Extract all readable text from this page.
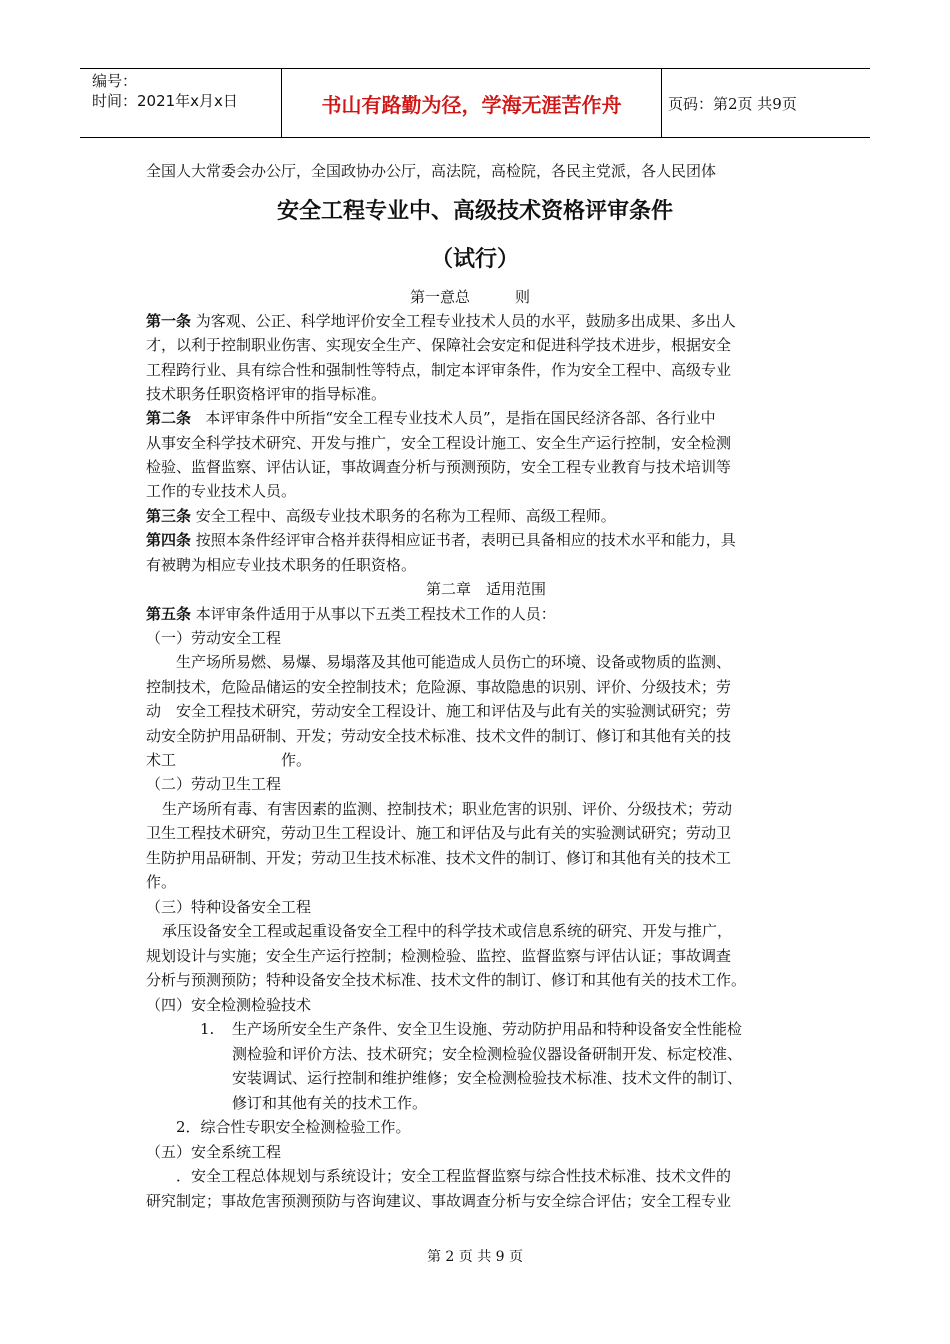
编号：
时间：2021年x月x日	书山有路勤为径，学海无涯苦作舟	页码：第2页 共9页
全国人大常委会办公厅，全国政协办公厅，高法院，高检院，各民主党派，各人民团体
安全工程专业中、高级技术资格评审条件
（试行）
第一意总　　　则
第一条 为客观、公正、科学地评价安全工程专业技术人员的水平，鼓励多出成果、多出人
才，以利于控制职业伤害、实现安全生产、保障社会安定和促进科学技术进步，根据安全
工程跨行业、具有综合性和强制性等特点，制定本评审条件，作为安全工程中、高级专业
技术职务任职资格评审的指导标准。
第二条 本评审条件中所指“安全工程专业技术人员”，是指在国民经济各部、各行业中
从事安全科学技术研究、开发与推广，安全工程设计施工、安全生产运行控制，安全检测
检验、监督监察、评估认证，事故调查分析与预测预防，安全工程专业教育与技术培训等
工作的专业技术人员。
第三条 安全工程中、高级专业技术职务的名称为工程师、高级工程师。
第四条 按照本条件经评审合格并获得相应证书者，表明已具备相应的技术水平和能力，具
有被聘为相应专业技术职务的任职资格。
第二章　适用范围
第五条 本评审条件适用于从事以下五类工程技术工作的人员：
（一）劳动安全工程
生产场所易燃、易爆、易塌落及其他可能造成人员伤亡的环境、设备或物质的监测、
控制技术，危险品储运的安全控制技术；危险源、事故隐患的识别、评价、分级技术；劳
动　安全工程技术研究，劳动安全工程设计、施工和评估及与此有关的实验测试研究；劳
动安全防护用品研制、开发；劳动安全技术标准、技术文件的制订、修订和其他有关的技
术工　　　　　　　作。
（二）劳动卫生工程
生产场所有毒、有害因素的监测、控制技术；职业危害的识别、评价、分级技术；劳动
卫生工程技术研究，劳动卫生工程设计、施工和评估及与此有关的实验测试研究；劳动卫
生防护用品研制、开发；劳动卫生技术标准、技术文件的制订、修订和其他有关的技术工
作。
（三）特种设备安全工程
承压设备安全工程或起重设备安全工程中的科学技术或信息系统的研究、开发与推广，
规划设计与实施；安全生产运行控制；检测检验、监控、监督监察与评估认证；事故调查
分析与预测预防；特种设备安全技术标准、技术文件的制订、修订和其他有关的技术工作。
（四）安全检测检验技术
1. 生产场所安全生产条件、安全卫生设施、劳动防护用品和特种设备安全性能检
测检验和评价方法、技术研究；安全检测检验仪器设备研制开发、标定校准、
安装调试、运行控制和维护维修；安全检测检验技术标准、技术文件的制订、
修订和其他有关的技术工作。
2．综合性专职安全检测检验工作。
（五）安全系统工程
．安全工程总体规划与系统设计；安全工程监督监察与综合性技术标准、技术文件的
研究制定；事故危害预测预防与咨询建议、事故调查分析与安全综合评估；安全工程专业
第 2 页 共 9 页
